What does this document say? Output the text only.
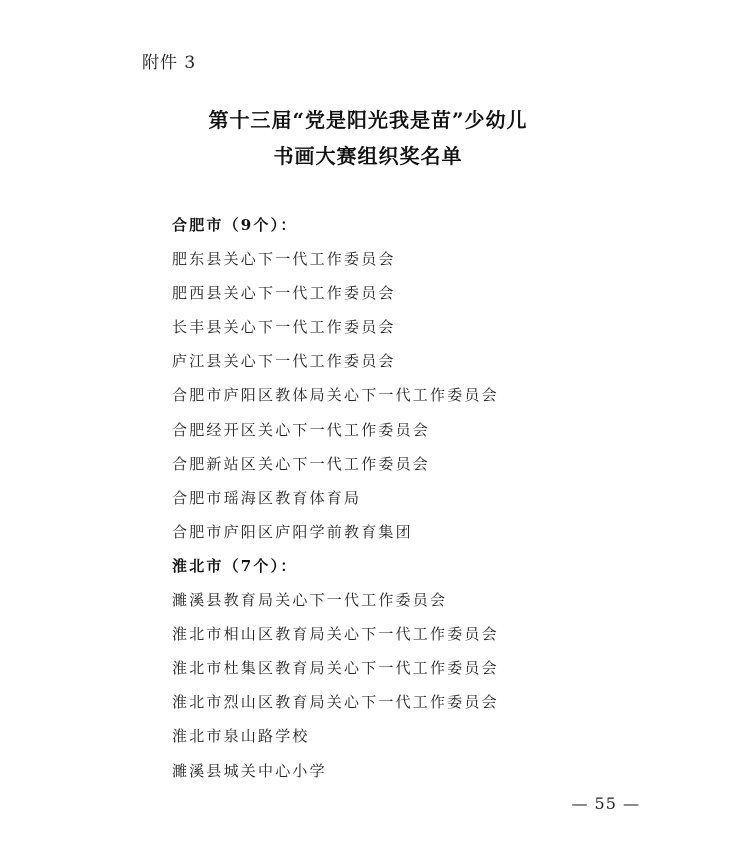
附件 3
第十三届“党是阳光我是苗”少幼儿
书画大赛组织奖名单
合肥市（9个）：
肥东县关心下一代工作委员会
肥西县关心下一代工作委员会
长丰县关心下一代工作委员会
庐江县关心下一代工作委员会
合肥市庐阳区教体局关心下一代工作委员会
合肥经开区关心下一代工作委员会
合肥新站区关心下一代工作委员会
合肥市瑶海区教育体育局
合肥市庐阳区庐阳学前教育集团
淮北市（7个）：
濉溪县教育局关心下一代工作委员会
淮北市相山区教育局关心下一代工作委员会
淮北市杜集区教育局关心下一代工作委员会
淮北市烈山区教育局关心下一代工作委员会
淮北市泉山路学校
濉溪县城关中心小学
— 55 —
